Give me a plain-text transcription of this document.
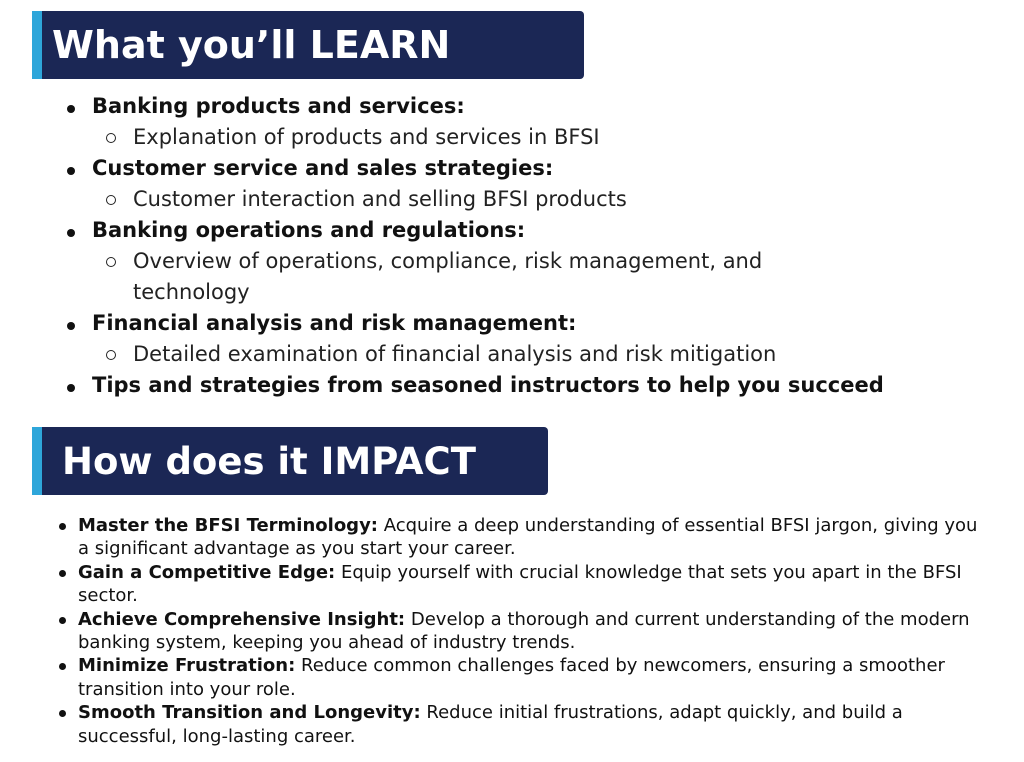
What you’ll LEARN
Banking products and services:
Explanation of products and services in BFSI
Customer service and sales strategies:
Customer interaction and selling BFSI products
Banking operations and regulations:
Overview of operations, compliance, risk management, and technology
Financial analysis and risk management:
Detailed examination of financial analysis and risk mitigation
Tips and strategies from seasoned instructors to help you succeed
How does it IMPACT
Master the BFSI Terminology: Acquire a deep understanding of essential BFSI jargon, giving you a significant advantage as you start your career.
Gain a Competitive Edge: Equip yourself with crucial knowledge that sets you apart in the BFSI sector.
Achieve Comprehensive Insight: Develop a thorough and current understanding of the modern banking system, keeping you ahead of industry trends.
Minimize Frustration: Reduce common challenges faced by newcomers, ensuring a smoother transition into your role.
Smooth Transition and Longevity: Reduce initial frustrations, adapt quickly, and build a successful, long-lasting career.
